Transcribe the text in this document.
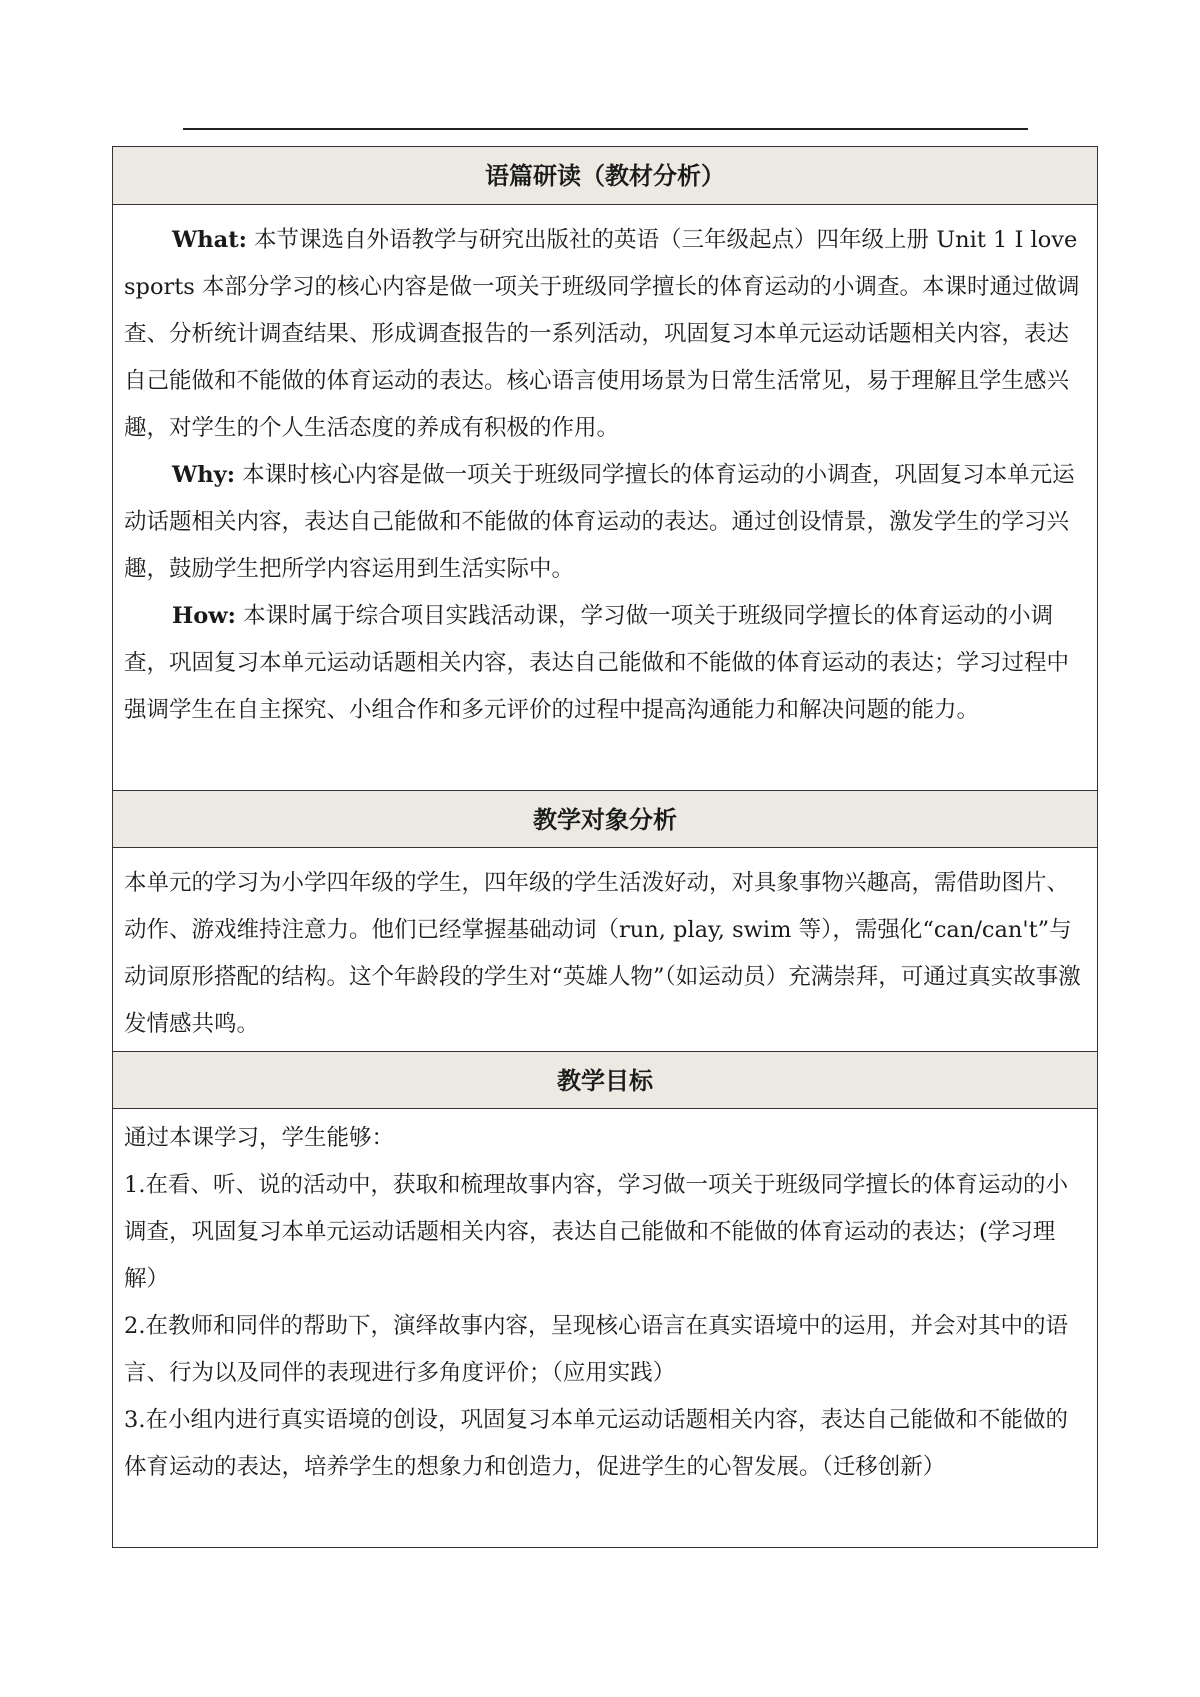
语篇研读（教材分析）

What: 本节课选自外语教学与研究出版社的英语（三年级起点）四年级上册 Unit 1 I love sports 本部分学习的核心内容是做一项关于班级同学擅长的体育运动的小调查。本课时通过做调查、分析统计调查结果、形成调查报告的一系列活动，巩固复习本单元运动话题相关内容，表达自己能做和不能做的体育运动的表达。核心语言使用场景为日常生活常见，易于理解且学生感兴趣，对学生的个人生活态度的养成有积极的作用。

Why: 本课时核心内容是做一项关于班级同学擅长的体育运动的小调查，巩固复习本单元运动话题相关内容，表达自己能做和不能做的体育运动的表达。通过创设情景，激发学生的学习兴趣，鼓励学生把所学内容运用到生活实际中。

How: 本课时属于综合项目实践活动课，学习做一项关于班级同学擅长的体育运动的小调查，巩固复习本单元运动话题相关内容，表达自己能做和不能做的体育运动的表达；学习过程中强调学生在自主探究、小组合作和多元评价的过程中提高沟通能力和解决问题的能力。

教学对象分析

本单元的学习为小学四年级的学生，四年级的学生活泼好动，对具象事物兴趣高，需借助图片、动作、游戏维持注意力。他们已经掌握基础动词（run, play, swim 等），需强化“can/can't”与动词原形搭配的结构。这个年龄段的学生对“英雄人物”（如运动员）充满崇拜，可通过真实故事激发情感共鸣。

教学目标

通过本课学习，学生能够：

1.在看、听、说的活动中，获取和梳理故事内容，学习做一项关于班级同学擅长的体育运动的小调查，巩固复习本单元运动话题相关内容，表达自己能做和不能做的体育运动的表达；(学习理解）

2.在教师和同伴的帮助下，演绎故事内容，呈现核心语言在真实语境中的运用，并会对其中的语言、行为以及同伴的表现进行多角度评价；（应用实践）

3.在小组内进行真实语境的创设，巩固复习本单元运动话题相关内容，表达自己能做和不能做的体育运动的表达，培养学生的想象力和创造力，促进学生的心智发展。（迁移创新）
